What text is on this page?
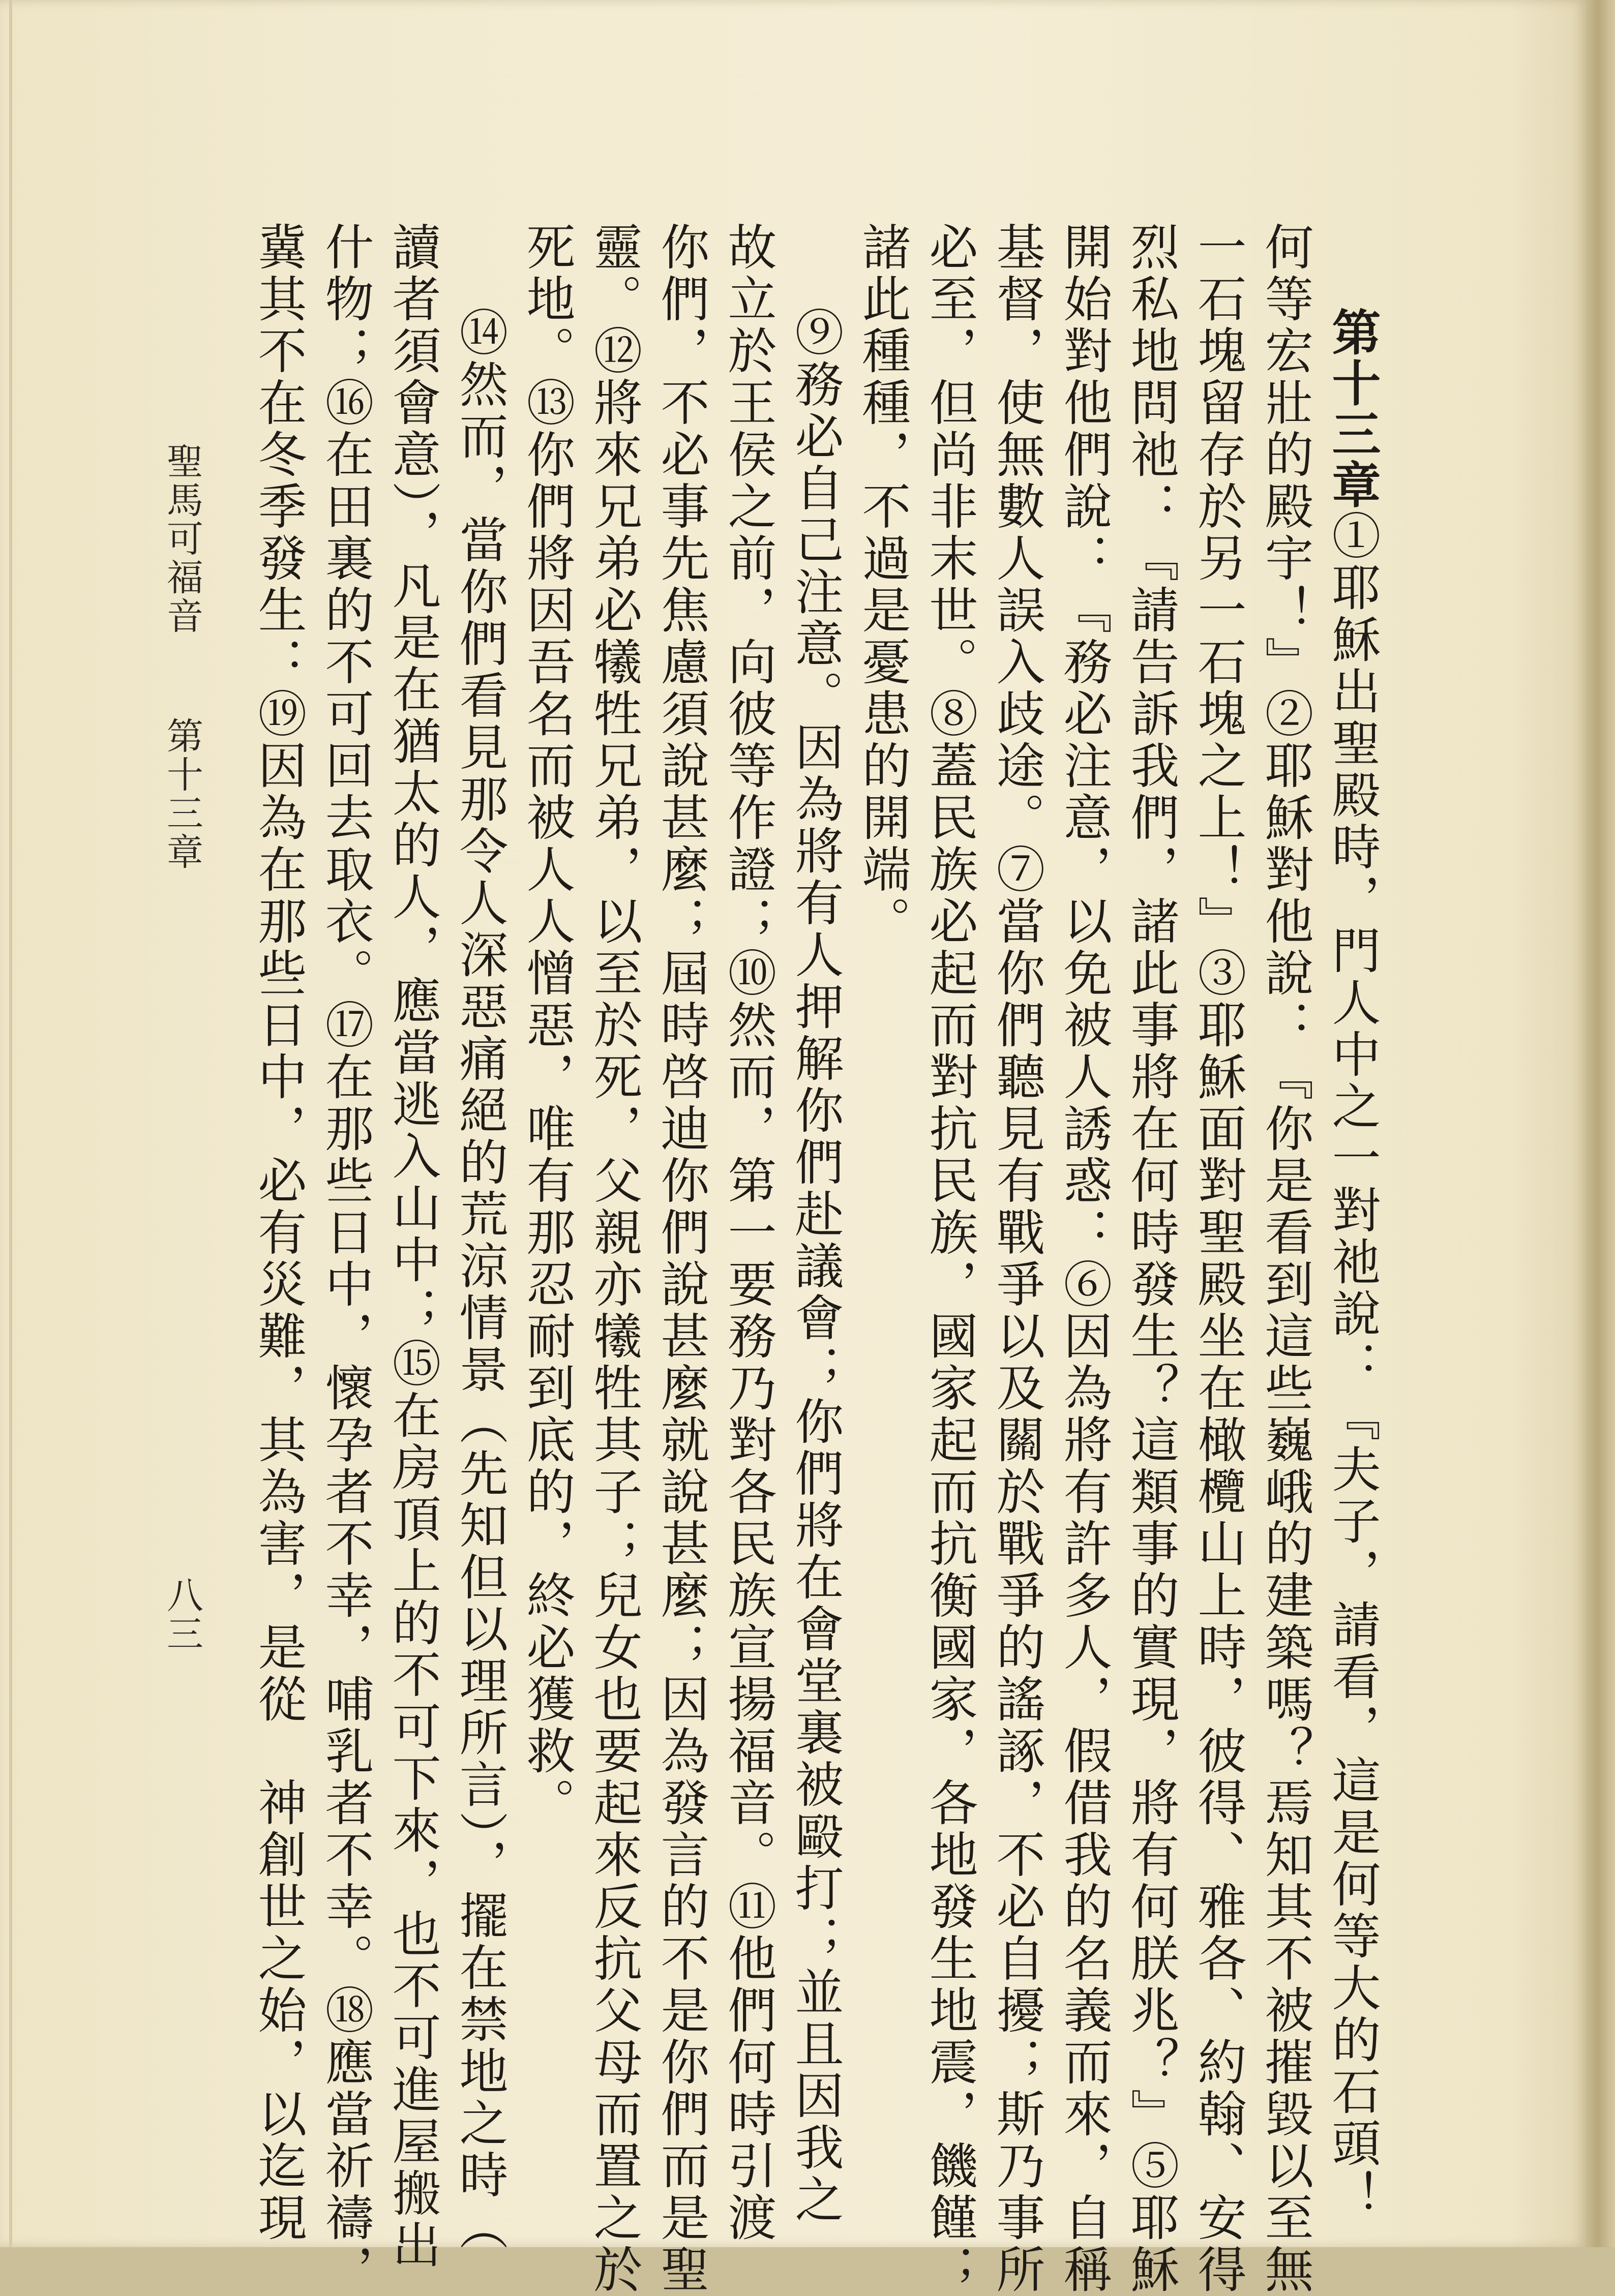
第十三章①耶穌出聖殿時，門人中之一對祂說：『夫子，請看，這是何等大的石頭！
何等宏壯的殿宇！』②耶穌對他說：『你是看到這些巍峨的建築嗎？焉知其不被摧毀以至無
一石塊留存於另一石塊之上！』③耶穌面對聖殿坐在橄欖山上時，彼得、雅各、約翰、安得
烈私地問祂：『請告訴我們，諸此事將在何時發生？這類事的實現，將有何朕兆？』⑤耶穌
開始對他們說：『務必注意，以免被人誘惑：⑥因為將有許多人，假借我的名義而來，自稱
基督，使無數人誤入歧途。⑦當你們聽見有戰爭以及關於戰爭的謠諑，不必自擾；斯乃事所
必至，但尚非末世。⑧蓋民族必起而對抗民族，國家起而抗衡國家，各地發生地震，饑饉；
諸此種種，不過是憂患的開端。
⑨務必自己注意。因為將有人押解你們赴議會；你們將在會堂裏被毆打；並且因我之
故立於王侯之前，向彼等作證；⑩然而，第一要務乃對各民族宣揚福音。⑪他們何時引渡
你們，不必事先焦慮須說甚麼；屆時啓迪你們說甚麼就說甚麼；因為發言的不是你們而是聖
靈。⑫將來兄弟必犧牲兄弟，以至於死，父親亦犧牲其子；兒女也要起來反抗父母而置之於
死地。⑬你們將因吾名而被人人憎惡，唯有那忍耐到底的，終必獲救。
⑭然而，當你們看見那令人深惡痛絕的荒涼情景（先知但以理所言），擺在禁地之時（
讀者須會意），凡是在猶太的人，應當逃入山中；⑮在房頂上的不可下來，也不可進屋搬出
什物；⑯在田裏的不可回去取衣。⑰在那些日中，懷孕者不幸，哺乳者不幸。⑱應當祈禱，
冀其不在冬季發生：⑲因為在那些日中，必有災難，其為害，是從　神創世之始，以迄現
聖馬可福音
第十三章
八三
